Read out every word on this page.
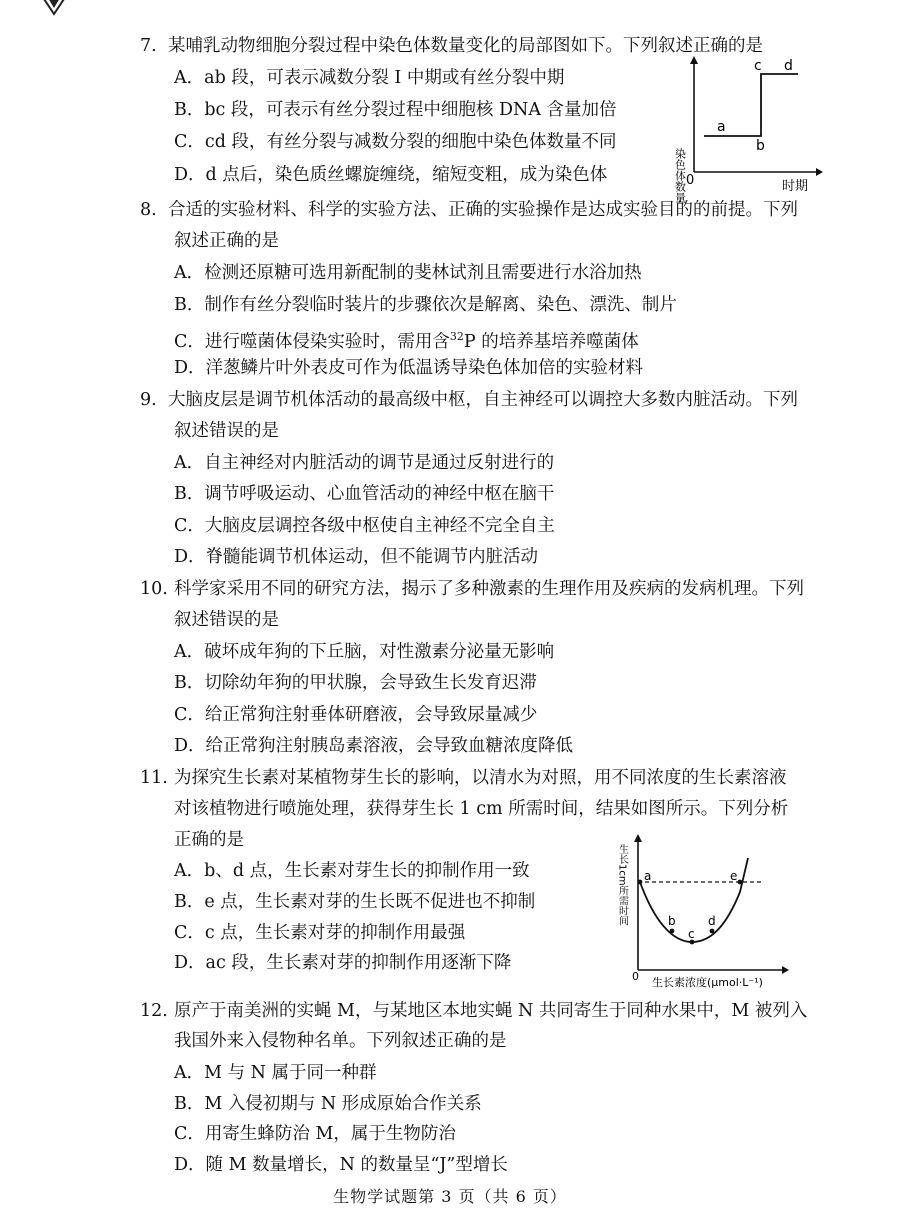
7. 某哺乳动物细胞分裂过程中染色体数量变化的局部图如下。下列叙述正确的是
A．ab 段，可表示减数分裂 I 中期或有丝分裂中期
B．bc 段，可表示有丝分裂过程中细胞核 DNA 含量加倍
C．cd 段，有丝分裂与减数分裂的细胞中染色体数量不同
D．d 点后，染色质丝螺旋缠绕，缩短变粗，成为染色体	染色体数量 0	时期
a
b
c d
8. 合适的实验材料、科学的实验方法、正确的实验操作是达成实验目的的前提。下列
叙述正确的是
A．检测还原糖可选用新配制的斐林试剂且需要进行水浴加热
B．制作有丝分裂临时装片的步骤依次是解离、染色、漂洗、制片
C．进行噬菌体侵染实验时，需用含$^{32}$P 的培养基培养噬菌体
D．洋葱鳞片叶外表皮可作为低温诱导染色体加倍的实验材料
9. 大脑皮层是调节机体活动的最高级中枢，自主神经可以调控大多数内脏活动。下列
叙述错误的是
A．自主神经对内脏活动的调节是通过反射进行的
B．调节呼吸运动、心血管活动的神经中枢在脑干
C．大脑皮层调控各级中枢使自主神经不完全自主
D．脊髓能调节机体运动，但不能调节内脏活动
10. 科学家采用不同的研究方法，揭示了多种激素的生理作用及疾病的发病机理。下列
叙述错误的是
A．破坏成年狗的下丘脑，对性激素分泌量无影响
B．切除幼年狗的甲状腺，会导致生长发育迟滞
C．给正常狗注射垂体研磨液，会导致尿量减少
D．给正常狗注射胰岛素溶液，会导致血糖浓度降低
11. 为探究生长素对某植物芽生长的影响，以清水为对照，用不同浓度的生长素溶液
对该植物进行喷施处理，获得芽生长 1 cm 所需时间，结果如图所示。下列分析
正确的是
A．b、d 点，生长素对芽生长的抑制作用一致
B．e 点，生长素对芽的生长既不促进也不抑制
C．c 点，生长素对芽的抑制作用最强
D．ac 段，生长素对芽的抑制作用逐渐下降
生长1cm所需时间
0 生长素浓度(μmol·L⁻¹)
a
b
c
d
e
12. 原产于南美洲的实蝇 M，与某地区本地实蝇 N 共同寄生于同种水果中，M 被列入
我国外来入侵物种名单。下列叙述正确的是
A．M 与 N 属于同一种群
B．M 入侵初期与 N 形成原始合作关系
C．用寄生蜂防治 M，属于生物防治
D．随 M 数量增长，N 的数量呈“J”型增长
生物学试题第 3 页（共 6 页）
